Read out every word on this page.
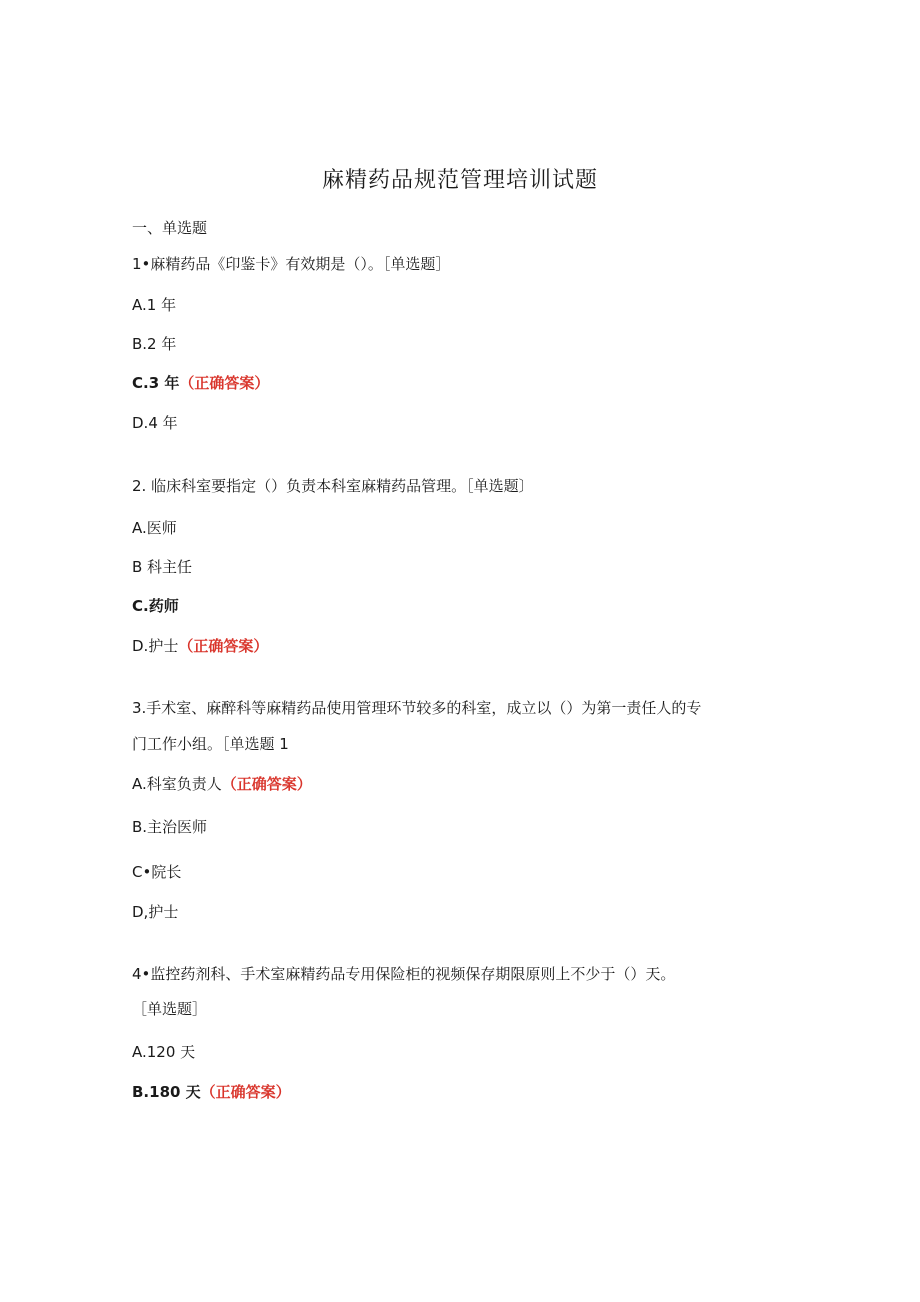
麻精药品规范管理培训试题
一、单选题
1•麻精药品《印鉴卡》有效期是（）。［单选题］
A.1 年
B.2 年
C.3 年（正确答案）
D.4 年
2. 临床科室要指定（）负责本科室麻精药品管理。［单选题〕
A.医师
B 科主任
C.药师
D.护士（正确答案）
3.手术室、麻醉科等麻精药品使用管理环节较多的科室，成立以（）为第一责任人的专
门工作小组。［单选题 1
A.科室负责人（正确答案）
B.主治医师
C•院长
D,护士
4•监控药剂科、手术室麻精药品专用保险柜的视频保存期限原则上不少于（）天。
［单选题］
A.120 天
B.180 天（正确答案）
